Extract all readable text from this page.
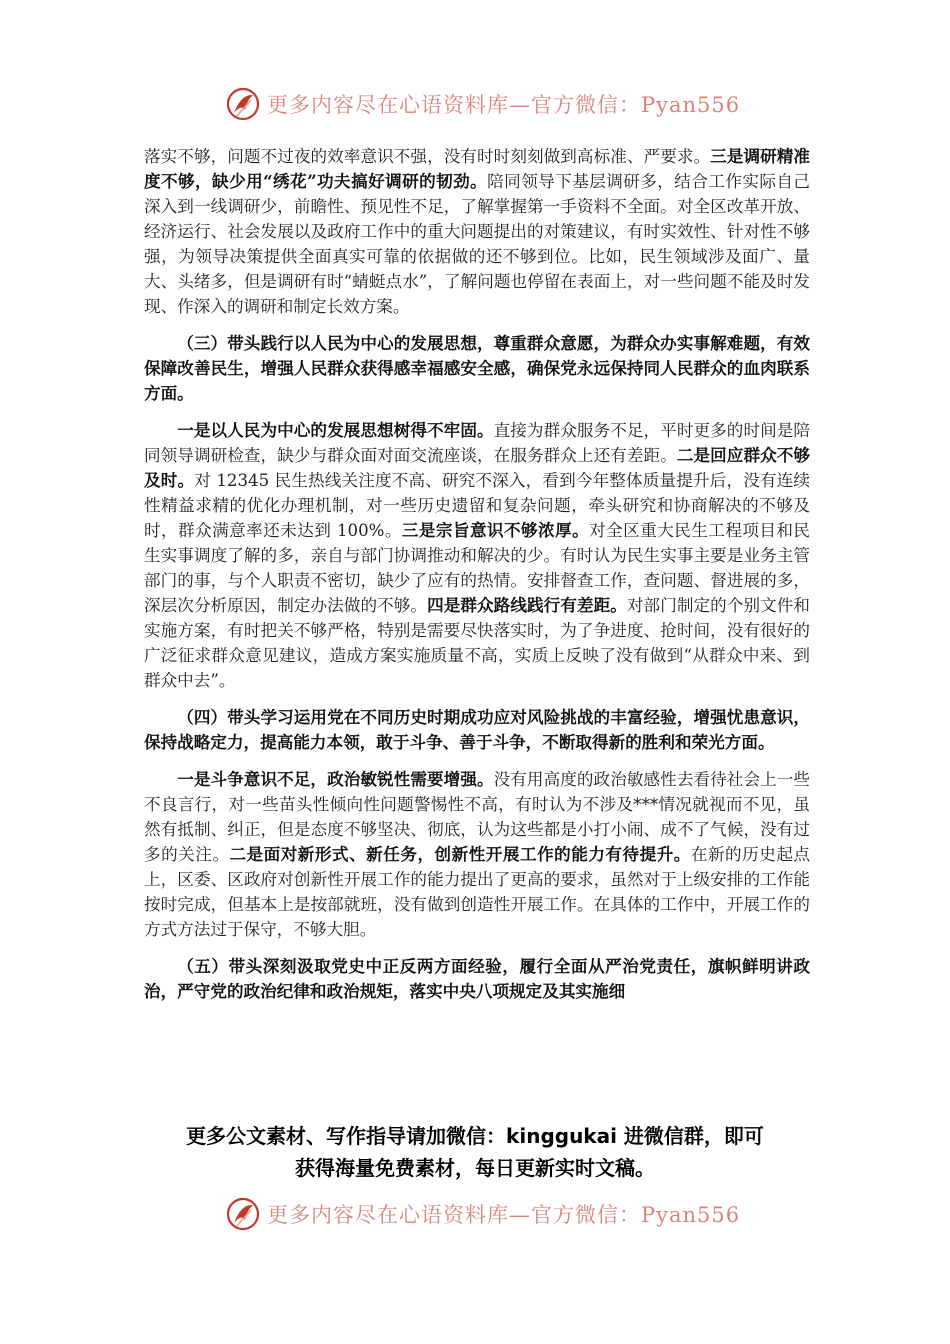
更多内容尽在心语资料库—官方微信：Pyan556

落实不够，问题不过夜的效率意识不强，没有时时刻刻做到高标准、严要求。三是调研精准度不够，缺少用“绣花”功夫搞好调研的韧劲。陪同领导下基层调研多，结合工作实际自己深入到一线调研少，前瞻性、预见性不足，了解掌握第一手资料不全面。对全区改革开放、经济运行、社会发展以及政府工作中的重大问题提出的对策建议，有时实效性、针对性不够强，为领导决策提供全面真实可靠的依据做的还不够到位。比如，民生领域涉及面广、量大、头绪多，但是调研有时“蜻蜓点水”，了解问题也停留在表面上，对一些问题不能及时发现、作深入的调研和制定长效方案。

（三）带头践行以人民为中心的发展思想，尊重群众意愿，为群众办实事解难题，有效保障改善民生，增强人民群众获得感幸福感安全感，确保党永远保持同人民群众的血肉联系方面。

一是以人民为中心的发展思想树得不牢固。直接为群众服务不足，平时更多的时间是陪同领导调研检查，缺少与群众面对面交流座谈，在服务群众上还有差距。二是回应群众不够及时。对 12345 民生热线关注度不高、研究不深入，看到今年整体质量提升后，没有连续性精益求精的优化办理机制，对一些历史遗留和复杂问题，牵头研究和协商解决的不够及时，群众满意率还未达到 100%。三是宗旨意识不够浓厚。对全区重大民生工程项目和民生实事调度了解的多，亲自与部门协调推动和解决的少。有时认为民生实事主要是业务主管部门的事，与个人职责不密切，缺少了应有的热情。安排督查工作，查问题、督进展的多，深层次分析原因，制定办法做的不够。四是群众路线践行有差距。对部门制定的个别文件和实施方案，有时把关不够严格，特别是需要尽快落实时，为了争进度、抢时间，没有很好的广泛征求群众意见建议，造成方案实施质量不高，实质上反映了没有做到“从群众中来、到群众中去”。

（四）带头学习运用党在不同历史时期成功应对风险挑战的丰富经验，增强忧患意识，保持战略定力，提高能力本领，敢于斗争、善于斗争，不断取得新的胜利和荣光方面。

一是斗争意识不足，政治敏锐性需要增强。没有用高度的政治敏感性去看待社会上一些不良言行，对一些苗头性倾向性问题警惕性不高，有时认为不涉及***情况就视而不见，虽然有抵制、纠正，但是态度不够坚决、彻底，认为这些都是小打小闹、成不了气候，没有过多的关注。二是面对新形式、新任务，创新性开展工作的能力有待提升。在新的历史起点上，区委、区政府对创新性开展工作的能力提出了更高的要求，虽然对于上级安排的工作能按时完成，但基本上是按部就班，没有做到创造性开展工作。在具体的工作中，开展工作的方式方法过于保守，不够大胆。

（五）带头深刻汲取党史中正反两方面经验，履行全面从严治党责任，旗帜鲜明讲政治，严守党的政治纪律和政治规矩，落实中央八项规定及其实施细

更多公文素材、写作指导请加微信：kinggukai 进微信群，即可
获得海量免费素材，每日更新实时文稿。
更多内容尽在心语资料库—官方微信：Pyan556
